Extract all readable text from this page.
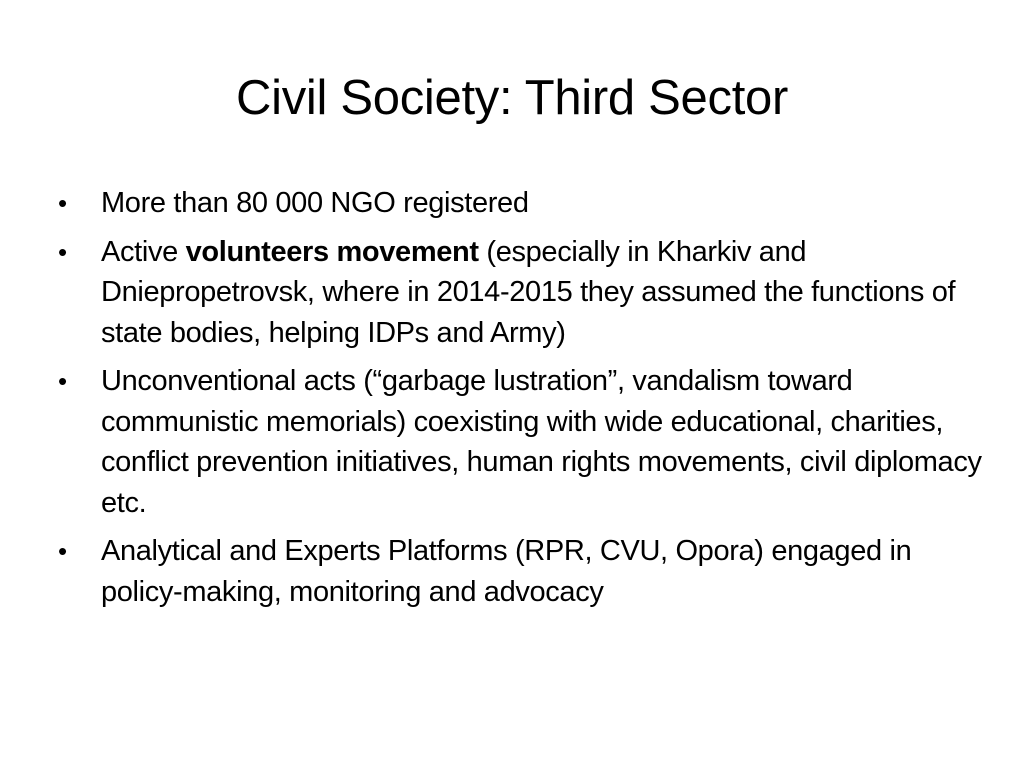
Civil Society: Third Sector
•	More than 80 000 NGO registered
•	Active volunteers movement (especially in Kharkiv and Dniepropetrovsk, where in 2014-2015 they assumed the functions of state bodies, helping IDPs and Army)
•	Unconventional acts (“garbage lustration”, vandalism toward communistic memorials) coexisting with wide educational, charities, conflict prevention initiatives, human rights movements, civil diplomacy etc.
•	Analytical and Experts Platforms (RPR, CVU, Opora) engaged in policy-making, monitoring and advocacy
